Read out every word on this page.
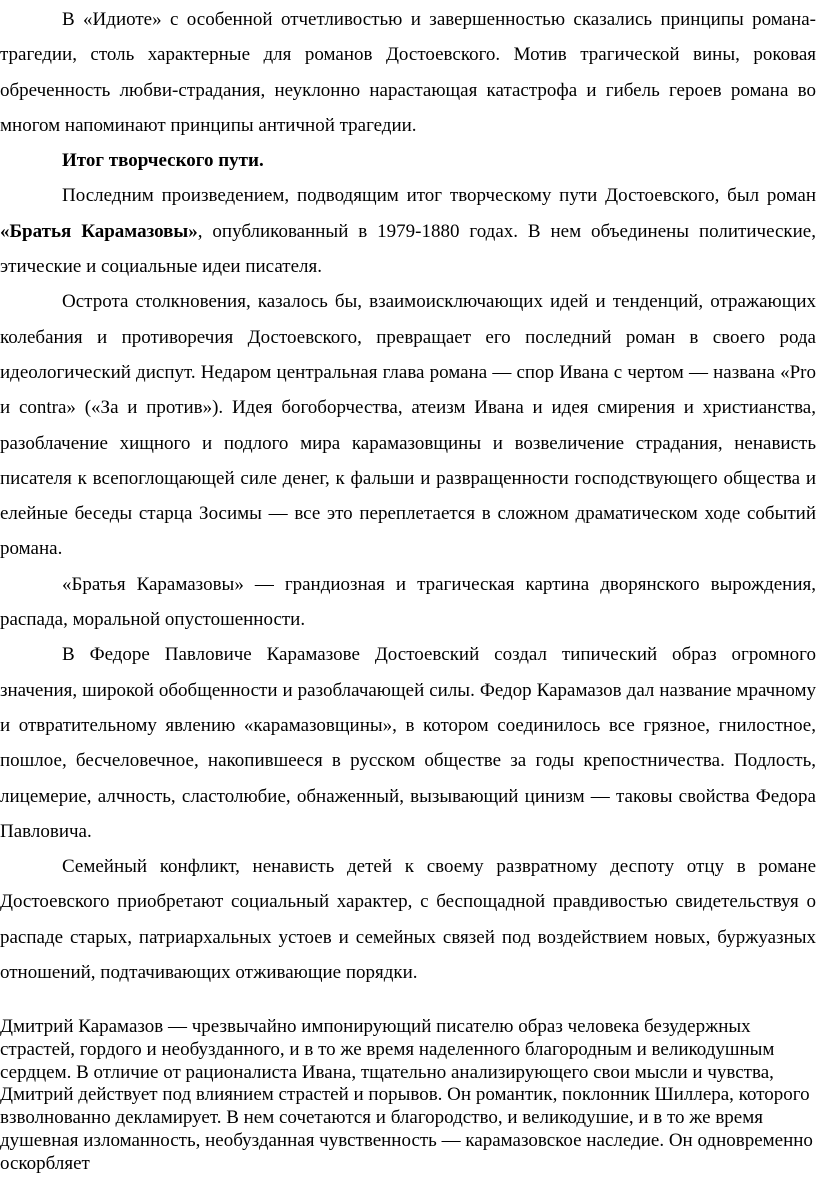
В «Идиоте» с особенной отчетливостью и завершенностью сказались принципы романа-трагедии, столь характерные для романов Достоевского. Мотив трагической вины, роковая обреченность любви-страдания, неуклонно нарастающая катастрофа и гибель героев романа во многом напоминают принципы античной трагедии.

Итог творческого пути.

Последним произведением, подводящим итог творческому пути Достоевского, был роман «Братья Карамазовы», опубликованный в 1979-1880 годах. В нем объединены политические, этические и социальные идеи писателя.

Острота столкновения, казалось бы, взаимоисключающих идей и тенденций, отражающих колебания и противоречия Достоевского, превращает его последний роман в своего рода идеологический диспут. Недаром центральная глава романа — спор Ивана с чертом — названа «Pro и contra» («За и против»). Идея богоборчества, атеизм Ивана и идея смирения и христианства, разоблачение хищного и подлого мира карамазовщины и возвеличение страдания, ненависть писателя к всепоглощающей силе денег, к фальши и развращенности господствующего общества и елейные беседы старца Зосимы — все это переплетается в сложном драматическом ходе событий романа.

«Братья Карамазовы» — грандиозная и трагическая картина дворянского вырождения, распада, моральной опустошенности.

В Федоре Павловиче Карамазове Достоевский создал типический образ огромного значения, широкой обобщенности и разоблачающей силы. Федор Карамазов дал название мрачному и отвратительному явлению «карамазовщины», в котором соединилось все грязное, гнилостное, пошлое, бесчеловечное, накопившееся в русском обществе за годы крепостничества. Подлость, лицемерие, алчность, сластолюбие, обнаженный, вызывающий цинизм — таковы свойства Федора Павловича.

Семейный конфликт, ненависть детей к своему развратному деспоту отцу в романе Достоевского приобретают социальный характер, с беспощадной правдивостью свидетельствуя о распаде старых, патриархальных устоев и семейных связей под воздействием новых, буржуазных отношений, подтачивающих отживающие порядки.

Дмитрий Карамазов — чрезвычайно импонирующий писателю образ человека безудержных страстей, гордого и необузданного, и в то же время наделенного благородным и великодушным сердцем. В отличие от рационалиста Ивана, тщательно анализирующего свои мысли и чувства, Дмитрий действует под влиянием страстей и порывов. Он романтик, поклонник Шиллера, которого взволнованно декламирует. В нем сочетаются и благородство, и великодушие, и в то же время душевная изломанность, необузданная чувственность — карамазовское наследие. Он одновременно оскорбляет
